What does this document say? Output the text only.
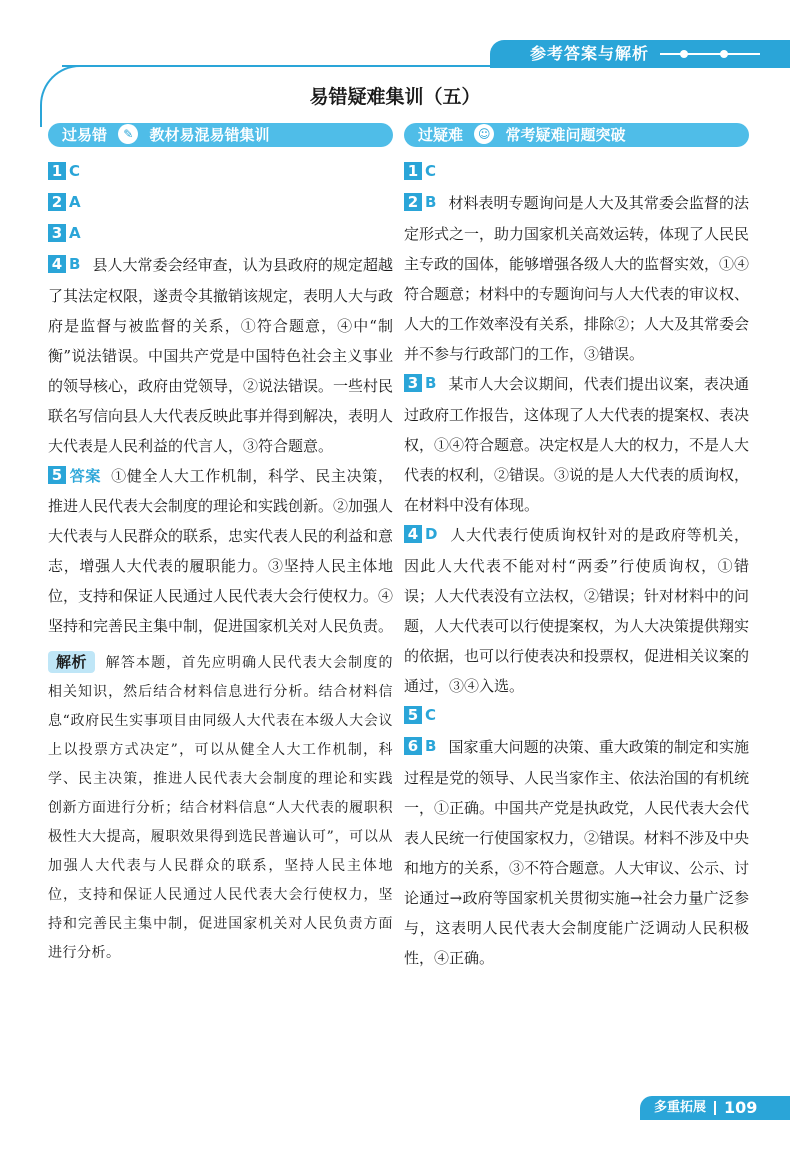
参考答案与解析
易错疑难集训（五）
过易错 ✎ 教材易混易错集训

1 C

2 A

3 A

4 B 县人大常委会经审查，认为县政府的规定超越了其法定权限，遂责令其撤销该规定，表明人大与政府是监督与被监督的关系，①符合题意，④中“制衡”说法错误。中国共产党是中国特色社会主义事业的领导核心，政府由党领导，②说法错误。一些村民联名写信向县人大代表反映此事并得到解决，表明人大代表是人民利益的代言人，③符合题意。

5 答案 ①健全人大工作机制，科学、民主决策，推进人民代表大会制度的理论和实践创新。②加强人大代表与人民群众的联系，忠实代表人民的利益和意志，增强人大代表的履职能力。③坚持人民主体地位，支持和保证人民通过人民代表大会行使权力。④坚持和完善民主集中制，促进国家机关对人民负责。

解析 解答本题，首先应明确人民代表大会制度的相关知识，然后结合材料信息进行分析。结合材料信息“政府民生实事项目由同级人大代表在本级人大会议上以投票方式决定”，可以从健全人大工作机制，科学、民主决策，推进人民代表大会制度的理论和实践创新方面进行分析；结合材料信息“人大代表的履职积极性大大提高，履职效果得到选民普遍认可”，可以从加强人大代表与人民群众的联系，坚持人民主体地位，支持和保证人民通过人民代表大会行使权力，坚持和完善民主集中制，促进国家机关对人民负责方面进行分析。

过疑难 ☺ 常考疑难问题突破

1 C

2 B 材料表明专题询问是人大及其常委会监督的法定形式之一，助力国家机关高效运转，体现了人民民主专政的国体，能够增强各级人大的监督实效，①④符合题意；材料中的专题询问与人大代表的审议权、人大的工作效率没有关系，排除②；人大及其常委会并不参与行政部门的工作，③错误。

3 B 某市人大会议期间，代表们提出议案，表决通过政府工作报告，这体现了人大代表的提案权、表决权，①④符合题意。决定权是人大的权力，不是人大代表的权利，②错误。③说的是人大代表的质询权，在材料中没有体现。

4 D 人大代表行使质询权针对的是政府等机关，因此人大代表不能对村“两委”行使质询权，①错误；人大代表没有立法权，②错误；针对材料中的问题，人大代表可以行使提案权，为人大决策提供翔实的依据，也可以行使表决和投票权，促进相关议案的通过，③④入选。

5 C

6 B 国家重大问题的决策、重大政策的制定和实施过程是党的领导、人民当家作主、依法治国的有机统一，①正确。中国共产党是执政党，人民代表大会代表人民统一行使国家权力，②错误。材料不涉及中央和地方的关系，③不符合题意。人大审议、公示、讨论通过→政府等国家机关贯彻实施→社会力量广泛参与，这表明人民代表大会制度能广泛调动人民积极性，④正确。

多重拓展 109
